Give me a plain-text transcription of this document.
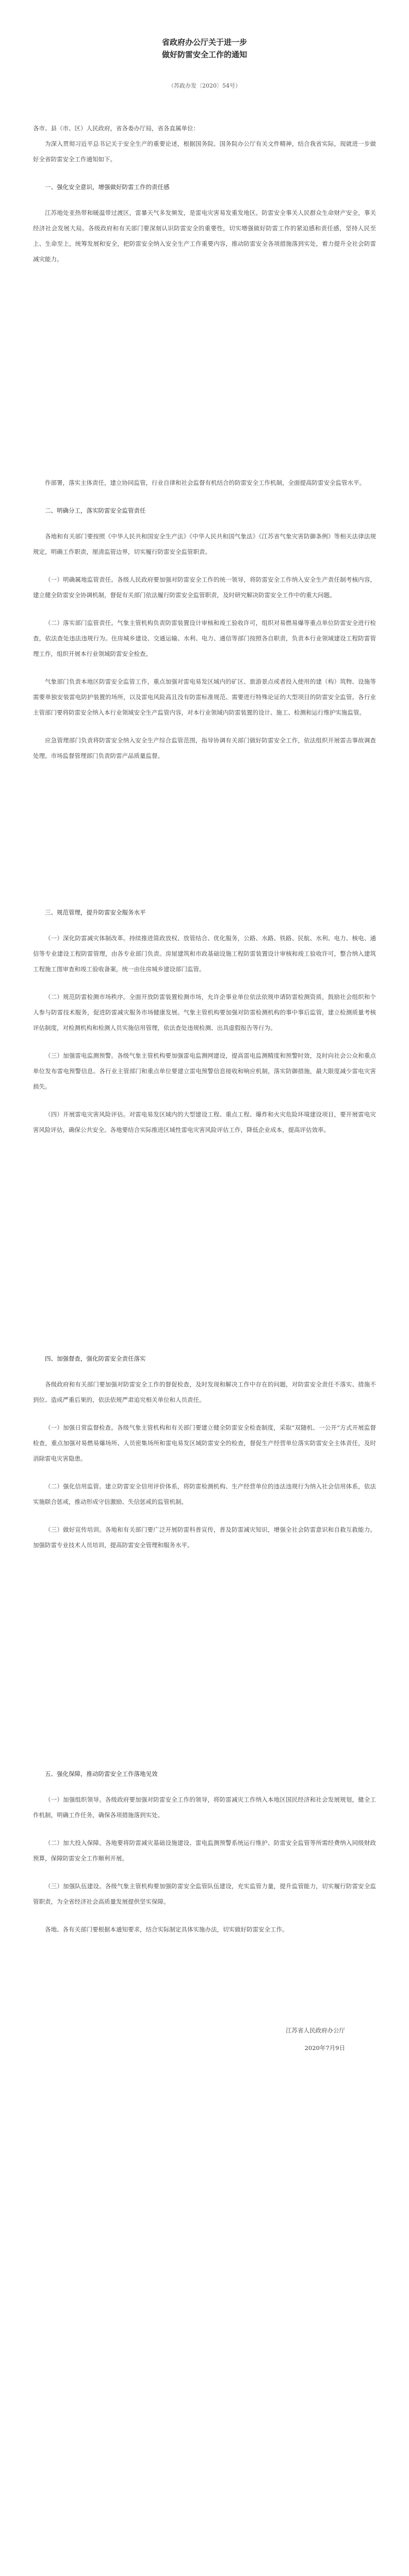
省政府办公厅关于进一步

做好防雷安全工作的通知

（苏政办发〔2020〕54号）
各市、县（市、区）人民政府，省各委办厅局，省各直属单位：

为深入贯彻习近平总书记关于安全生产的重要论述，根据国务院、国务院办公厅有关文件精神，结合我省实际，现就进一步做好全省防雷安全工作通知如下。

一、强化安全意识，增强做好防雷工作的责任感

江苏地处亚热带和暖温带过渡区，雷暴天气多发频发，是雷电灾害易发重发地区。防雷安全事关人民群众生命财产安全，事关经济社会发展大局。各级政府和有关部门要深刻认识防雷安全的重要性，切实增强做好防雷工作的紧迫感和责任感，坚持人民至上、生命至上，统筹发展和安全，把防雷安全纳入安全生产工作重要内容，推动防雷安全各项措施落到实处，着力提升全社会防雷减灾能力。

作部署，落实主体责任，建立协同监管，行业自律和社会监督有机结合的防雷安全工作机制，全面提高防雷安全监管水平。

二、明确分工，落实防雷安全监管责任

各地和有关部门要按照《中华人民共和国安全生产法》《中华人民共和国气象法》《江苏省气象灾害防御条例》等相关法律法规规定，明确工作职责，厘清监管边界，切实履行防雷安全监管职责。

（一）明确属地监管责任。各级人民政府要加强对防雷安全工作的统一领导，将防雷安全工作纳入安全生产责任制考核内容，建立健全防雷安全协调机制，督促有关部门依法履行防雷安全监管职责，及时研究解决防雷安全工作中的重大问题。

（二）落实部门监管责任。气象主管机构负责防雷装置设计审核和竣工验收许可，组织对易燃易爆等重点单位防雷安全进行检查，依法查处违法违规行为。住房城乡建设、交通运输、水利、电力、通信等部门按照各自职责，负责本行业领域建设工程防雷管理工作，组织开展本行业领域防雷安全检查。

气象部门负责本地区防雷安全监管工作，重点加强对雷电易发区域内的矿区、旅游景点或者投入使用的建（构）筑物、设施等需要单独安装雷电防护装置的场所，以及雷电风险高且没有防雷标准规范、需要进行特殊论证的大型项目的防雷安全监管。各行业主管部门要将防雷安全纳入本行业领域安全生产监管内容，对本行业领域内防雷装置的设计、施工、检测和运行维护实施监管。

应急管理部门负责将防雷安全纳入安全生产综合监管范围，指导协调有关部门做好防雷安全工作，依法组织开展雷击事故调查处理。市场监督管理部门负责防雷产品质量监督。

三、规范管理，提升防雷安全服务水平

（一）深化防雷减灾体制改革。持续推进简政放权、放管结合、优化服务，公路、水路、铁路、民航、水利、电力、核电、通信等专业建设工程防雷管理，由各专业部门负责。房屋建筑和市政基础设施工程防雷装置设计审核和竣工验收许可，整合纳入建筑工程施工图审查和竣工验收备案，统一由住房城乡建设部门监管。

（二）规范防雷检测市场秩序。全面开放防雷装置检测市场，允许企事业单位依法依规申请防雷检测资质，鼓励社会组织和个人参与防雷技术服务，促进防雷减灾服务市场健康发展。气象主管机构要加强对防雷检测机构的事中事后监管，建立检测质量考核评估制度，对检测机构和检测人员实施信用管理，依法查处违规检测、出具虚假报告等行为。

（三）加强雷电监测预警。各级气象主管机构要加强雷电监测网建设，提高雷电监测精度和预警时效，及时向社会公众和重点单位发布雷电预警信息。各行业主管部门和重点单位要建立雷电预警信息接收和响应机制，落实防御措施，最大限度减少雷电灾害损失。

（四）开展雷电灾害风险评估。对雷电易发区域内的大型建设工程、重点工程、爆炸和火灾危险环境建设项目，要开展雷电灾害风险评估，确保公共安全。各地要结合实际推进区域性雷电灾害风险评估工作，降低企业成本，提高评估效率。

四、加强督查，强化防雷安全责任落实

各级政府和有关部门要加强对防雷安全工作的督促检查，及时发现和解决工作中存在的问题，对防雷安全责任不落实、措施不到位、造成严重后果的，依法依规严肃追究相关单位和人员责任。

（一）加强日常监督检查。各级气象主管机构和有关部门要建立健全防雷安全检查制度，采取“双随机、一公开”方式开展监督检查，重点加强对易燃易爆场所、人员密集场所和雷电易发区域防雷安全的检查，督促生产经营单位落实防雷安全主体责任，及时消除雷电灾害隐患。

（二）强化信用监管。建立防雷安全信用评价体系，将防雷检测机构、生产经营单位的违法违规行为纳入社会信用体系，依法实施联合惩戒，推动形成守信激励、失信惩戒的监管机制。

（三）做好宣传培训。各地和有关部门要广泛开展防雷科普宣传，普及防雷减灾知识，增强全社会防雷意识和自救互救能力。加强防雷专业技术人员培训，提高防雷安全管理和服务水平。

五、强化保障，推动防雷安全工作落地见效

（一）加强组织领导。各级政府要加强对防雷安全工作的领导，将防雷减灾工作纳入本地区国民经济和社会发展规划，健全工作机制，明确工作任务，确保各项措施落到实处。

（二）加大投入保障。各地要将防雷减灾基础设施建设、雷电监测预警系统运行维护、防雷安全监管等所需经费纳入同级财政预算，保障防雷安全工作顺利开展。

（三）加强队伍建设。各级气象主管机构要加强防雷安全监管队伍建设，充实监管力量，提升监管能力，切实履行防雷安全监管职责，为全省经济社会高质量发展提供坚实保障。

各地、各有关部门要根据本通知要求，结合实际制定具体实施办法，切实做好防雷安全工作。

江苏省人民政府办公厅
2020年7月9日
